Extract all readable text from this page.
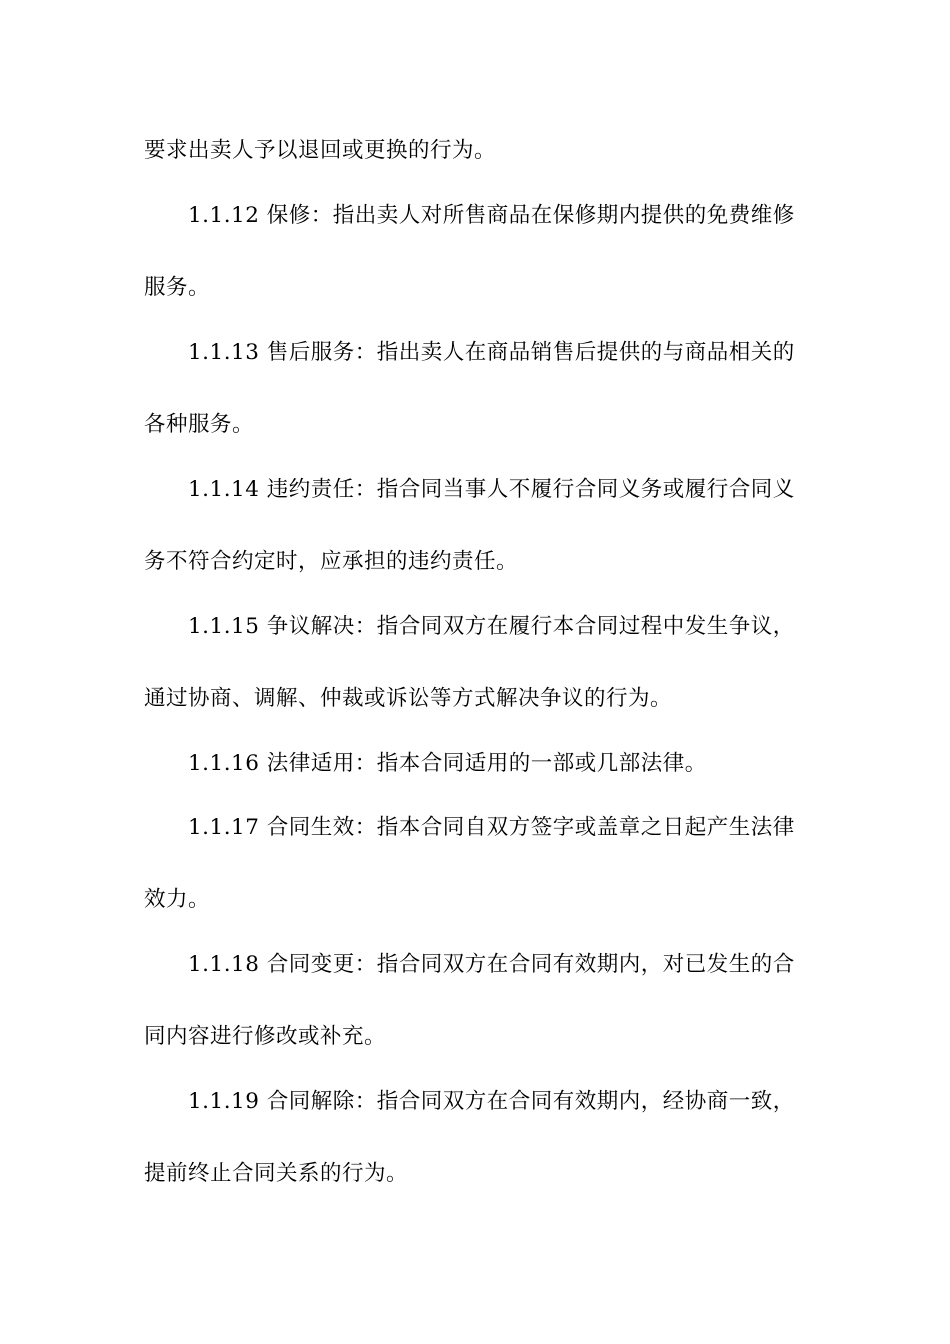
要求出卖人予以退回或更换的行为。
1.1.12 保修：指出卖人对所售商品在保修期内提供的免费维修
服务。
1.1.13 售后服务：指出卖人在商品销售后提供的与商品相关的
各种服务。
1.1.14 违约责任：指合同当事人不履行合同义务或履行合同义
务不符合约定时，应承担的违约责任。
1.1.15 争议解决：指合同双方在履行本合同过程中发生争议，
通过协商、调解、仲裁或诉讼等方式解决争议的行为。
1.1.16 法律适用：指本合同适用的一部或几部法律。
1.1.17 合同生效：指本合同自双方签字或盖章之日起产生法律
效力。
1.1.18 合同变更：指合同双方在合同有效期内，对已发生的合
同内容进行修改或补充。
1.1.19 合同解除：指合同双方在合同有效期内，经协商一致，
提前终止合同关系的行为。
